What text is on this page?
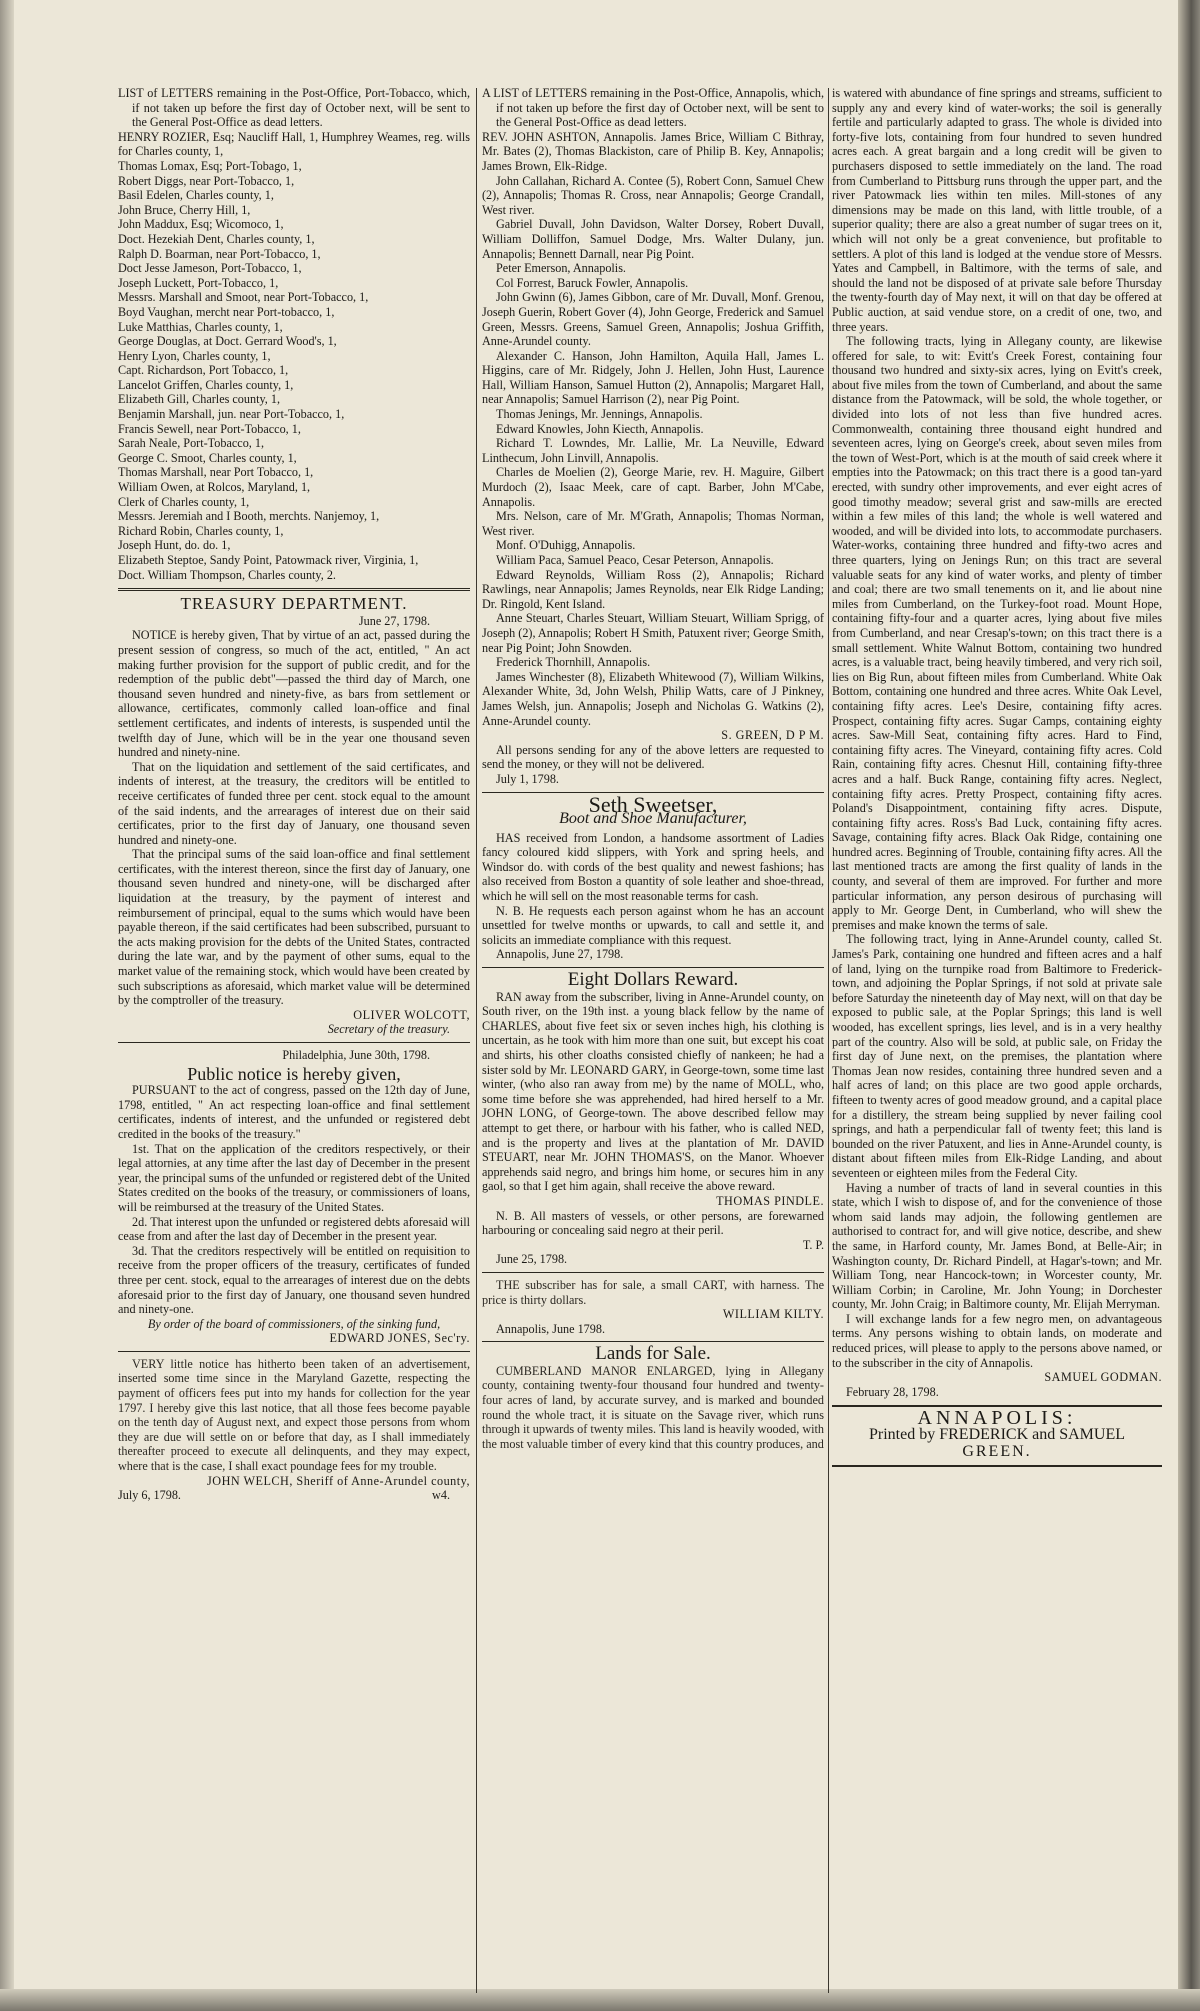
LIST of LETTERS remaining in the Post-Office, Port-Tobacco, which, if not taken up before the first day of October next, will be sent to the General Post-Office as dead letters.

HENRY ROZIER, Esq; Naucliff Hall, 1, Humphrey Weames, reg. wills for Charles county, 1,

Thomas Lomax, Esq; Port-Tobago, 1,

Robert Diggs, near Port-Tobacco, 1,

Basil Edelen, Charles county, 1,

John Bruce, Cherry Hill, 1,

John Maddux, Esq; Wicomoco, 1,

Doct. Hezekiah Dent, Charles county, 1,

Ralph D. Boarman, near Port-Tobacco, 1,

Doct Jesse Jameson, Port-Tobacco, 1,

Joseph Luckett, Port-Tobacco, 1,

Messrs. Marshall and Smoot, near Port-Tobacco, 1,

Boyd Vaughan, mercht near Port-tobacco, 1,

Luke Matthias, Charles county, 1,

George Douglas, at Doct. Gerrard Wood's, 1,

Henry Lyon, Charles county, 1,

Capt. Richardson, Port Tobacco, 1,

Lancelot Griffen, Charles county, 1,

Elizabeth Gill, Charles county, 1,

Benjamin Marshall, jun. near Port-Tobacco, 1,

Francis Sewell, near Port-Tobacco, 1,

Sarah Neale, Port-Tobacco, 1,

George C. Smoot, Charles county, 1,

Thomas Marshall, near Port Tobacco, 1,

William Owen, at Rolcos, Maryland, 1,

Clerk of Charles county, 1,

Messrs. Jeremiah and I Booth, merchts. Nanjemoy, 1,

Richard Robin, Charles county, 1,

Joseph Hunt, do. do. 1,

Elizabeth Steptoe, Sandy Point, Patowmack river, Virginia, 1,

Doct. William Thompson, Charles county, 2.

TREASURY DEPARTMENT.

June 27, 1798.

NOTICE is hereby given, That by virtue of an act, passed during the present session of congress, so much of the act, entitled, " An act making further provision for the support of public credit, and for the redemption of the public debt"—passed the third day of March, one thousand seven hundred and ninety-five, as bars from settlement or allowance, certificates, commonly called loan-office and final settlement certificates, and indents of interests, is suspended until the twelfth day of June, which will be in the year one thousand seven hundred and ninety-nine.

That on the liquidation and settlement of the said certificates, and indents of interest, at the treasury, the creditors will be entitled to receive certificates of funded three per cent. stock equal to the amount of the said indents, and the arrearages of interest due on their said certificates, prior to the first day of January, one thousand seven hundred and ninety-one.

That the principal sums of the said loan-office and final settlement certificates, with the interest thereon, since the first day of January, one thousand seven hundred and ninety-one, will be discharged after liquidation at the treasury, by the payment of interest and reimbursement of principal, equal to the sums which would have been payable thereon, if the said certificates had been subscribed, pursuant to the acts making provision for the debts of the United States, contracted during the late war, and by the payment of other sums, equal to the market value of the remaining stock, which would have been created by such subscriptions as aforesaid, which market value will be determined by the comptroller of the treasury.

OLIVER WOLCOTT,

Secretary of the treasury.

Philadelphia, June 30th, 1798.

Public notice is hereby given,

PURSUANT to the act of congress, passed on the 12th day of June, 1798, entitled, " An act respecting loan-office and final settlement certificates, indents of interest, and the unfunded or registered debt credited in the books of the treasury."

1st. That on the application of the creditors respectively, or their legal attornies, at any time after the last day of December in the present year, the principal sums of the unfunded or registered debt of the United States credited on the books of the treasury, or commissioners of loans, will be reimbursed at the treasury of the United States.

2d. That interest upon the unfunded or registered debts aforesaid will cease from and after the last day of December in the present year.

3d. That the creditors respectively will be entitled on requisition to receive from the proper officers of the treasury, certificates of funded three per cent. stock, equal to the arrearages of interest due on the debts aforesaid prior to the first day of January, one thousand seven hundred and ninety-one.

By order of the board of commissioners, of the sinking fund,

EDWARD JONES, Sec'ry.

VERY little notice has hitherto been taken of an advertisement, inserted some time since in the Maryland Gazette, respecting the payment of officers fees put into my hands for collection for the year 1797. I hereby give this last notice, that all those fees become payable on the tenth day of August next, and expect those persons from whom they are due will settle on or before that day, as I shall immediately thereafter proceed to execute all delinquents, and they may expect, where that is the case, I shall exact poundage fees for my trouble.

JOHN WELCH, Sheriff of Anne-Arundel county,

July 6, 1798.	w4.

A LIST of LETTERS remaining in the Post-Office, Annapolis, which, if not taken up before the first day of October next, will be sent to the General Post-Office as dead letters.

REV. JOHN ASHTON, Annapolis. James Brice, William C Bithray, Mr. Bates (2), Thomas Blackiston, care of Philip B. Key, Annapolis; James Brown, Elk-Ridge.

John Callahan, Richard A. Contee (5), Robert Conn, Samuel Chew (2), Annapolis; Thomas R. Cross, near Annapolis; George Crandall, West river.

Gabriel Duvall, John Davidson, Walter Dorsey, Robert Duvall, William Dolliffon, Samuel Dodge, Mrs. Walter Dulany, jun. Annapolis; Bennett Darnall, near Pig Point.

Peter Emerson, Annapolis.

Col Forrest, Baruck Fowler, Annapolis.

John Gwinn (6), James Gibbon, care of Mr. Duvall, Monf. Grenou, Joseph Guerin, Robert Gover (4), John George, Frederick and Samuel Green, Messrs. Greens, Samuel Green, Annapolis; Joshua Griffith, Anne-Arundel county.

Alexander C. Hanson, John Hamilton, Aquila Hall, James L. Higgins, care of Mr. Ridgely, John J. Hellen, John Hust, Laurence Hall, William Hanson, Samuel Hutton (2), Annapolis; Margaret Hall, near Annapolis; Samuel Harrison (2), near Pig Point.

Thomas Jenings, Mr. Jennings, Annapolis.

Edward Knowles, John Kiecth, Annapolis.

Richard T. Lowndes, Mr. Lallie, Mr. La Neuville, Edward Linthecum, John Linvill, Annapolis.

Charles de Moelien (2), George Marie, rev. H. Maguire, Gilbert Murdoch (2), Isaac Meek, care of capt. Barber, John M'Cabe, Annapolis.

Mrs. Nelson, care of Mr. M'Grath, Annapolis; Thomas Norman, West river.

Monf. O'Duhigg, Annapolis.

William Paca, Samuel Peaco, Cesar Peterson, Annapolis.

Edward Reynolds, William Ross (2), Annapolis; Richard Rawlings, near Annapolis; James Reynolds, near Elk Ridge Landing; Dr. Ringold, Kent Island.

Anne Steuart, Charles Steuart, William Steuart, William Sprigg, of Joseph (2), Annapolis; Robert H Smith, Patuxent river; George Smith, near Pig Point; John Snowden.

Frederick Thornhill, Annapolis.

James Winchester (8), Elizabeth Whitewood (7), William Wilkins, Alexander White, 3d, John Welsh, Philip Watts, care of J Pinkney, James Welsh, jun. Annapolis; Joseph and Nicholas G. Watkins (2), Anne-Arundel county.

S. GREEN, D P M.

All persons sending for any of the above letters are requested to send the money, or they will not be delivered.

July 1, 1798.

Seth Sweetser,

Boot and Shoe Manufacturer,

HAS received from London, a handsome assortment of Ladies fancy coloured kidd slippers, with York and spring heels, and Windsor do. with cords of the best quality and newest fashions; has also received from Boston a quantity of sole leather and shoe-thread, which he will sell on the most reasonable terms for cash.

N. B. He requests each person against whom he has an account unsettled for twelve months or upwards, to call and settle it, and solicits an immediate compliance with this request.

Annapolis, June 27, 1798.

Eight Dollars Reward.

RAN away from the subscriber, living in Anne-Arundel county, on South river, on the 19th inst. a young black fellow by the name of CHARLES, about five feet six or seven inches high, his clothing is uncertain, as he took with him more than one suit, but except his coat and shirts, his other cloaths consisted chiefly of nankeen; he had a sister sold by Mr. LEONARD GARY, in George-town, some time last winter, (who also ran away from me) by the name of MOLL, who, some time before she was apprehended, had hired herself to a Mr. JOHN LONG, of George-town. The above described fellow may attempt to get there, or harbour with his father, who is called NED, and is the property and lives at the plantation of Mr. DAVID STEUART, near Mr. JOHN THOMAS'S, on the Manor. Whoever apprehends said negro, and brings him home, or secures him in any gaol, so that I get him again, shall receive the above reward.

THOMAS PINDLE.

N. B. All masters of vessels, or other persons, are forewarned harbouring or concealing said negro at their peril.

T. P.

June 25, 1798.

THE subscriber has for sale, a small CART, with harness. The price is thirty dollars.

WILLIAM KILTY.

Annapolis, June 1798.

Lands for Sale.

CUMBERLAND MANOR ENLARGED, lying in Allegany county, containing twenty-four thousand four hundred and twenty-four acres of land, by accurate survey, and is marked and bounded round the whole tract, it is situate on the Savage river, which runs through it upwards of twenty miles. This land is heavily wooded, with the most valuable timber of every kind that this country produces, and

is watered with abundance of fine springs and streams, sufficient to supply any and every kind of water-works; the soil is generally fertile and particularly adapted to grass. The whole is divided into forty-five lots, containing from four hundred to seven hundred acres each. A great bargain and a long credit will be given to purchasers disposed to settle immediately on the land. The road from Cumberland to Pittsburg runs through the upper part, and the river Patowmack lies within ten miles. Mill-stones of any dimensions may be made on this land, with little trouble, of a superior quality; there are also a great number of sugar trees on it, which will not only be a great convenience, but profitable to settlers. A plot of this land is lodged at the vendue store of Messrs. Yates and Campbell, in Baltimore, with the terms of sale, and should the land not be disposed of at private sale before Thursday the twenty-fourth day of May next, it will on that day be offered at Public auction, at said vendue store, on a credit of one, two, and three years.

The following tracts, lying in Allegany county, are likewise offered for sale, to wit: Evitt's Creek Forest, containing four thousand two hundred and sixty-six acres, lying on Evitt's creek, about five miles from the town of Cumberland, and about the same distance from the Patowmack, will be sold, the whole together, or divided into lots of not less than five hundred acres. Commonwealth, containing three thousand eight hundred and seventeen acres, lying on George's creek, about seven miles from the town of West-Port, which is at the mouth of said creek where it empties into the Patowmack; on this tract there is a good tan-yard erected, with sundry other improvements, and ever eight acres of good timothy meadow; several grist and saw-mills are erected within a few miles of this land; the whole is well watered and wooded, and will be divided into lots, to accommodate purchasers. Water-works, containing three hundred and fifty-two acres and three quarters, lying on Jenings Run; on this tract are several valuable seats for any kind of water works, and plenty of timber and coal; there are two small tenements on it, and lie about nine miles from Cumberland, on the Turkey-foot road. Mount Hope, containing fifty-four and a quarter acres, lying about five miles from Cumberland, and near Cresap's-town; on this tract there is a small settlement. White Walnut Bottom, containing two hundred acres, is a valuable tract, being heavily timbered, and very rich soil, lies on Big Run, about fifteen miles from Cumberland. White Oak Bottom, containing one hundred and three acres. White Oak Level, containing fifty acres. Lee's Desire, containing fifty acres. Prospect, containing fifty acres. Sugar Camps, containing eighty acres. Saw-Mill Seat, containing fifty acres. Hard to Find, containing fifty acres. The Vineyard, containing fifty acres. Cold Rain, containing fifty acres. Chesnut Hill, containing fifty-three acres and a half. Buck Range, containing fifty acres. Neglect, containing fifty acres. Pretty Prospect, containing fifty acres. Poland's Disappointment, containing fifty acres. Dispute, containing fifty acres. Ross's Bad Luck, containing fifty acres. Savage, containing fifty acres. Black Oak Ridge, containing one hundred acres. Beginning of Trouble, containing fifty acres. All the last mentioned tracts are among the first quality of lands in the county, and several of them are improved. For further and more particular information, any person desirous of purchasing will apply to Mr. George Dent, in Cumberland, who will shew the premises and make known the terms of sale.

The following tract, lying in Anne-Arundel county, called St. James's Park, containing one hundred and fifteen acres and a half of land, lying on the turnpike road from Baltimore to Frederick-town, and adjoining the Poplar Springs, if not sold at private sale before Saturday the nineteenth day of May next, will on that day be exposed to public sale, at the Poplar Springs; this land is well wooded, has excellent springs, lies level, and is in a very healthy part of the country. Also will be sold, at public sale, on Friday the first day of June next, on the premises, the plantation where Thomas Jean now resides, containing three hundred seven and a half acres of land; on this place are two good apple orchards, fifteen to twenty acres of good meadow ground, and a capital place for a distillery, the stream being supplied by never failing cool springs, and hath a perpendicular fall of twenty feet; this land is bounded on the river Patuxent, and lies in Anne-Arundel county, is distant about fifteen miles from Elk-Ridge Landing, and about seventeen or eighteen miles from the Federal City.

Having a number of tracts of land in several counties in this state, which I wish to dispose of, and for the convenience of those whom said lands may adjoin, the following gentlemen are authorised to contract for, and will give notice, describe, and shew the same, in Harford county, Mr. James Bond, at Belle-Air; in Washington county, Dr. Richard Pindell, at Hagar's-town; and Mr. William Tong, near Hancock-town; in Worcester county, Mr. William Corbin; in Caroline, Mr. John Young; in Dorchester county, Mr. John Craig; in Baltimore county, Mr. Elijah Merryman.

I will exchange lands for a few negro men, on advantageous terms. Any persons wishing to obtain lands, on moderate and reduced prices, will please to apply to the persons above named, or to the subscriber in the city of Annapolis.

SAMUEL GODMAN.

February 28, 1798.

ANNAPOLIS:

Printed by FREDERICK and SAMUEL

GREEN.
